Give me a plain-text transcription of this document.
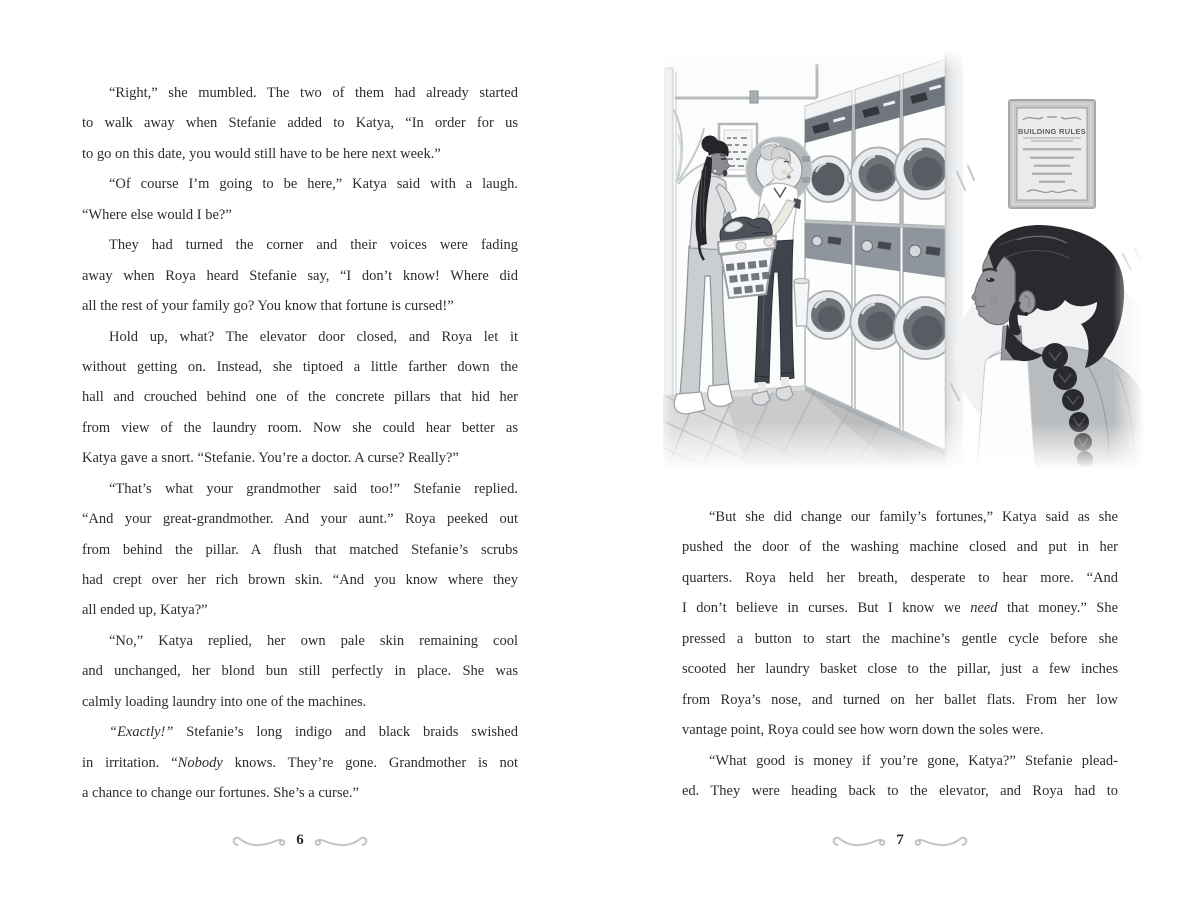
“Right,” she mumbled. The two of them had already started
to walk away when Stefanie added to Katya, “In order for us
to go on this date, you would still have to be here next week.”
“Of course I’m going to be here,” Katya said with a laugh.
“Where else would I be?”
They had turned the corner and their voices were fading
away when Roya heard Stefanie say, “I don’t know! Where did
all the rest of your family go? You know that fortune is cursed!”
Hold up, what? The elevator door closed, and Roya let it
without getting on. Instead, she tiptoed a little farther down the
hall and crouched behind one of the concrete pillars that hid her
from view of the laundry room. Now she could hear better as
Katya gave a snort. “Stefanie. You’re a doctor. A curse? Really?”
“That’s what your grandmother said too!” Stefanie replied.
“And your great-grandmother. And your aunt.” Roya peeked out
from behind the pillar. A flush that matched Stefanie’s scrubs
had crept over her rich brown skin. “And you know where they
all ended up, Katya?”
“No,” Katya replied, her own pale skin remaining cool
and unchanged, her blond bun still perfectly in place. She was
calmly loading laundry into one of the machines.
“Exactly!” Stefanie’s long indigo and black braids swished
in irritation. “Nobody knows. They’re gone. Grandmother is not
a chance to change our fortunes. She’s a curse.”
6
BUILDING RULES
“But she did change our family’s fortunes,” Katya said as she
pushed the door of the washing machine closed and put in her
quarters. Roya held her breath, desperate to hear more. “And
I don’t believe in curses. But I know we need that money.” She
pressed a button to start the machine’s gentle cycle before she
scooted her laundry basket close to the pillar, just a few inches
from Roya’s nose, and turned on her ballet flats. From her low
vantage point, Roya could see how worn down the soles were.
“What good is money if you’re gone, Katya?” Stefanie plead-
ed. They were heading back to the elevator, and Roya had to
7
